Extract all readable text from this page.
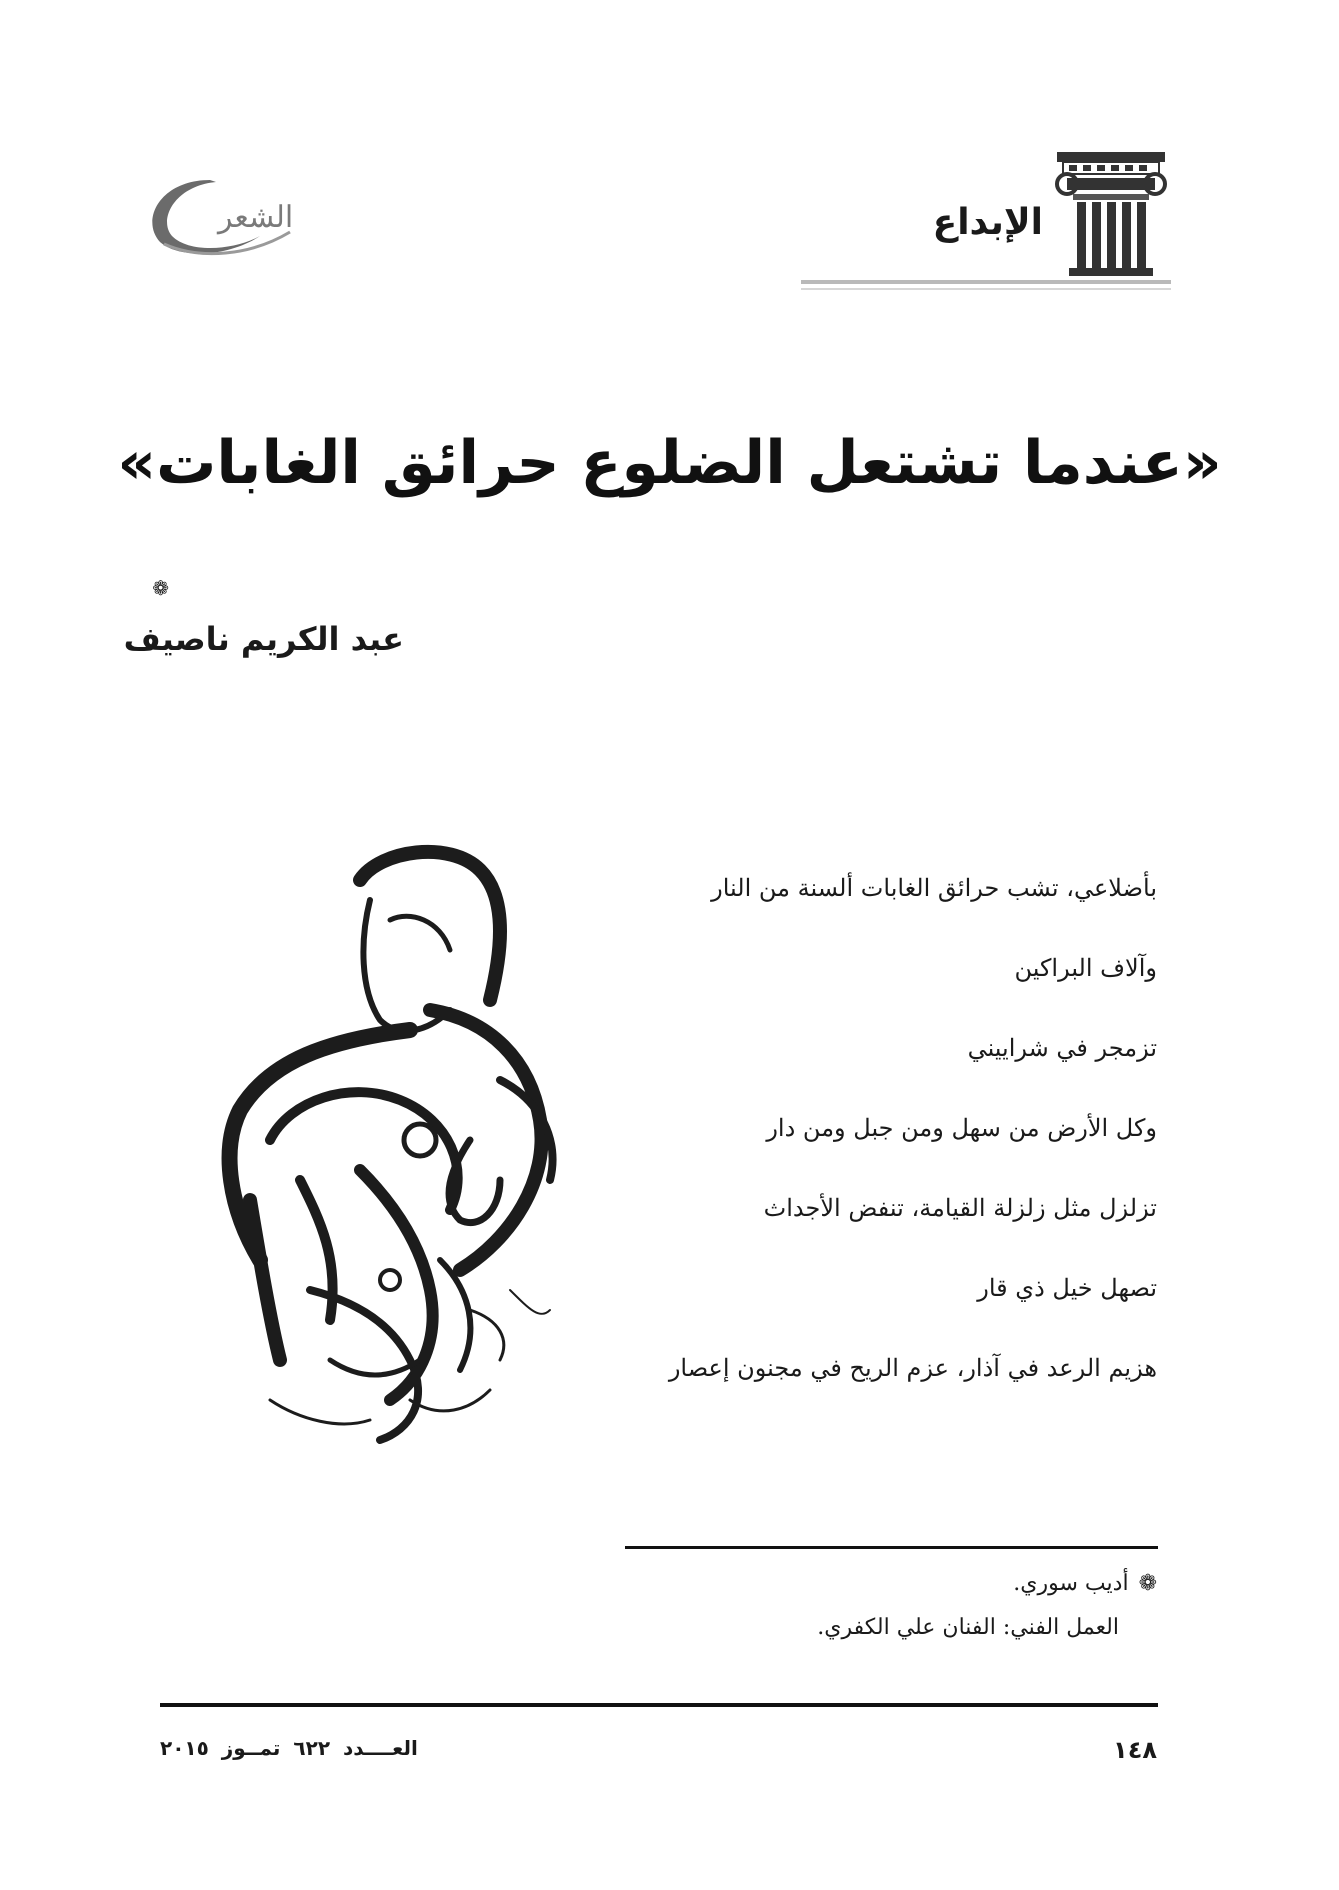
الإبداع
الشعر
«عندما تشتعل الضلوع حرائق الغابات»
❁
عبد الكريم ناصيف
بأضلاعي، تشب حرائق الغابات ألسنة من النار
وآلاف البراكين
تزمجر في شراييني
وكل الأرض من سهل ومن جبل ومن دار
تزلزل مثل زلزلة القيامة، تنفض الأجداث
تصهل خيل ذي قار
هزيم الرعد في آذار، عزم الريح في مجنون إعصار
❁أديب سوري.
العمل الفني: الفنان علي الكفري.
١٤٨
العــــدد ٦٢٢ تمــوز ٢٠١٥
